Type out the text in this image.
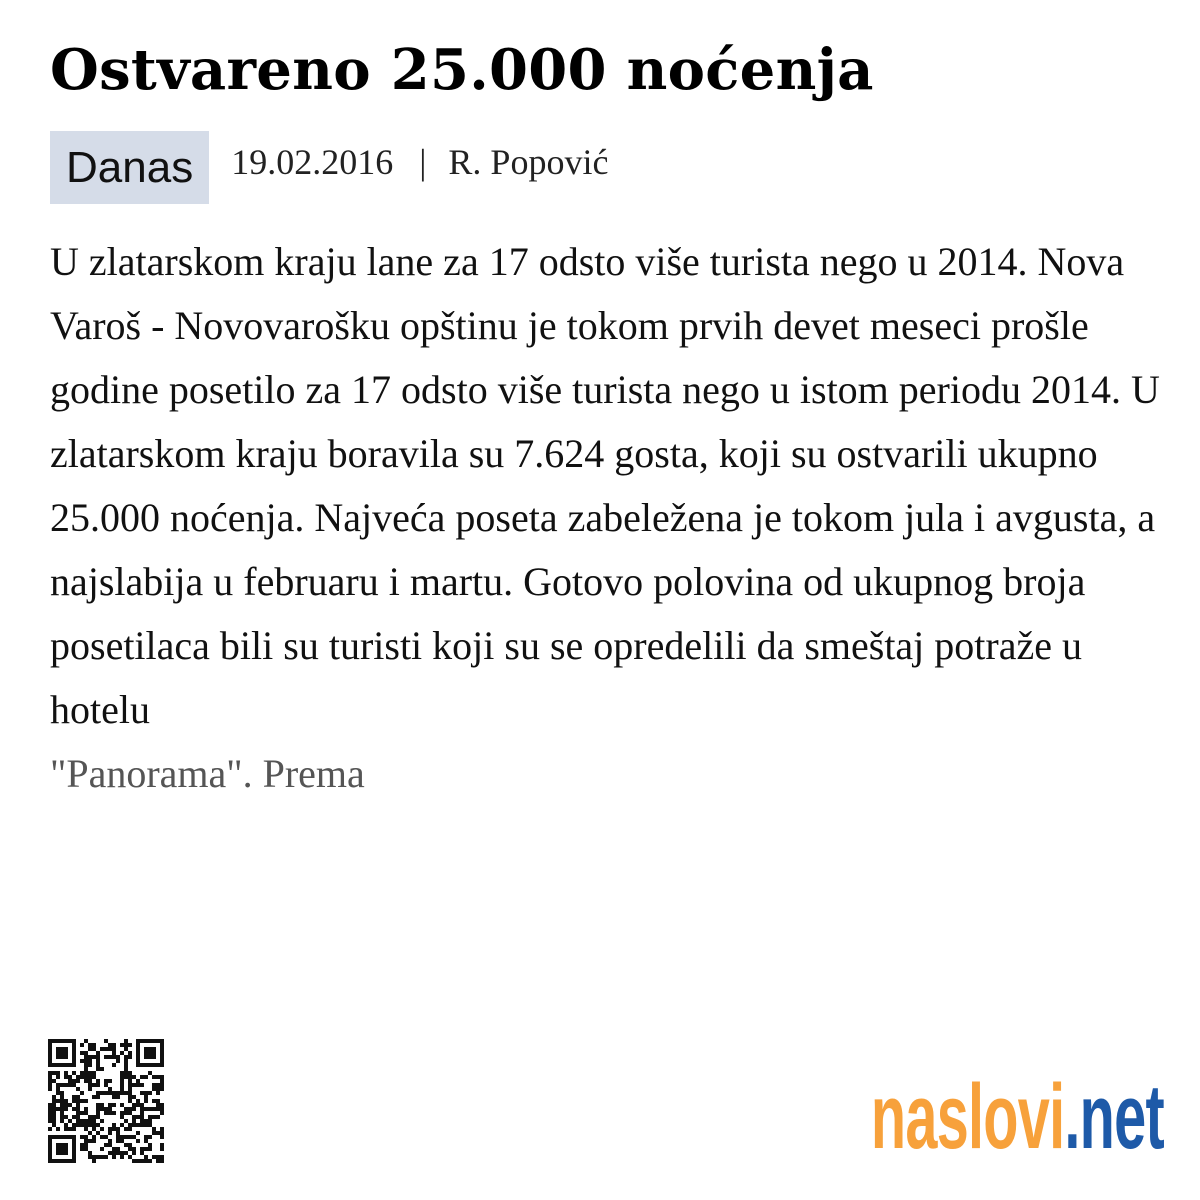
Ostvareno 25.000 noćenja
Danas	19.02.2016 | R. Popović

U zlatarskom kraju lane za 17 odsto više turista nego u 2014. Nova Varoš - Novovarošku opštinu je tokom prvih devet meseci prošle godine posetilo za 17 odsto više turista nego u istom periodu 2014. U zlatarskom kraju boravila su 7.624 gosta, koji su ostvarili ukupno 25.000 noćenja. Najveća poseta zabeležena je tokom jula i avgusta, a najslabija u februaru i martu. Gotovo polovina od ukupnog broja posetilaca bili su turisti koji su se opredelili da smeštaj potraže u hotelu
"Panorama". Prema

naslovi.net
